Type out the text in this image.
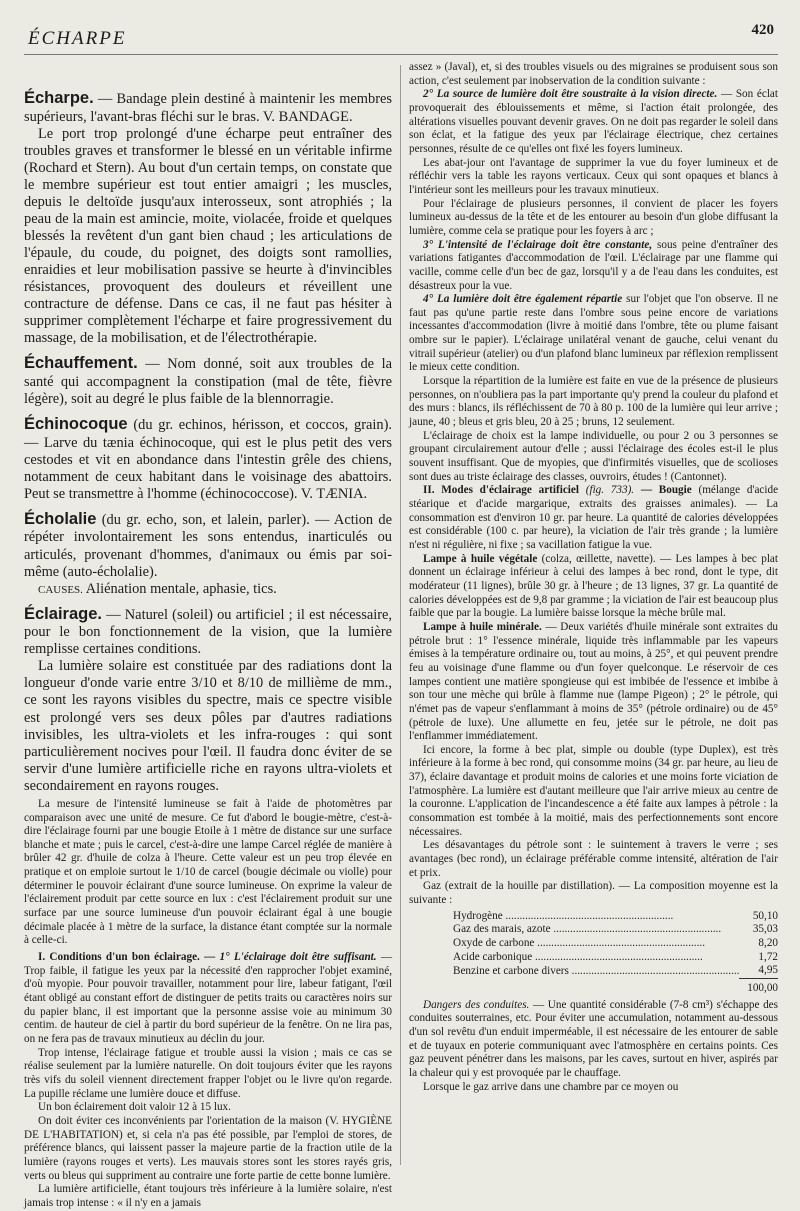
ÉCHARPE	420

Écharpe. — Bandage plein destiné à maintenir les membres supérieurs, l'avant-bras fléchi sur le bras. V. BANDAGE.

Le port trop prolongé d'une écharpe peut entraîner des troubles graves et transformer le blessé en un véritable infirme (Rochard et Stern). Au bout d'un certain temps, on constate que le membre supérieur est tout entier amaigri ; les muscles, depuis le deltoïde jusqu'aux interosseux, sont atrophiés ; la peau de la main est amincie, moite, violacée, froide et quelques blessés la revêtent d'un gant bien chaud ; les articulations de l'épaule, du coude, du poignet, des doigts sont ramollies, enraidies et leur mobilisation passive se heurte à d'invincibles résistances, provoquent des douleurs et réveillent une contracture de défense. Dans ce cas, il ne faut pas hésiter à supprimer complètement l'écharpe et faire progressivement du massage, de la mobilisation, et de l'électrothérapie.

Échauffement. — Nom donné, soit aux troubles de la santé qui accompagnent la constipation (mal de tête, fièvre légère), soit au degré le plus faible de la blennorragie.

Échinocoque (du gr. echinos, hérisson, et coccos, grain). — Larve du tænia échinocoque, qui est le plus petit des vers cestodes et vit en abondance dans l'intestin grêle des chiens, notamment de ceux habitant dans le voisinage des abattoirs. Peut se transmettre à l'homme (échinococcose). V. TÆNIA.

Écholalie (du gr. echo, son, et lalein, parler). — Action de répéter involontairement les sons entendus, inarticulés ou articulés, provenant d'hommes, d'animaux ou émis par soi-même (auto-écholalie).

CAUSES. Aliénation mentale, aphasie, tics.

Éclairage. — Naturel (soleil) ou artificiel ; il est nécessaire, pour le bon fonctionnement de la vision, que la lumière remplisse certaines conditions.

La lumière solaire est constituée par des radiations dont la longueur d'onde varie entre 3/10 et 8/10 de millième de mm., ce sont les rayons visibles du spectre, mais ce spectre visible est prolongé vers ses deux pôles par d'autres radiations invisibles, les ultra-violets et les infra-rouges : qui sont particulièrement nocives pour l'œil. Il faudra donc éviter de se servir d'une lumière artificielle riche en rayons ultra-violets et secondairement en rayons rouges.

La mesure de l'intensité lumineuse se fait à l'aide de photomètres par comparaison avec une unité de mesure. Ce fut d'abord le bougie-mètre, c'est-à-dire l'éclairage fourni par une bougie Etoile à 1 mètre de distance sur une surface blanche et mate ; puis le carcel, c'est-à-dire une lampe Carcel réglée de manière à brûler 42 gr. d'huile de colza à l'heure. Cette valeur est un peu trop élevée en pratique et on emploie surtout le 1/10 de carcel (bougie décimale ou violle) pour déterminer le pouvoir éclairant d'une source lumineuse. On exprime la valeur de l'éclairement produit par cette source en lux : c'est l'éclairement produit sur une surface par une source lumineuse d'un pouvoir éclairant égal à une bougie décimale placée à 1 mètre de la surface, la distance étant comptée sur la normale à celle-ci.

I. Conditions d'un bon éclairage. — 1° L'éclairage doit être suffisant. — Trop faible, il fatigue les yeux par la nécessité d'en rapprocher l'objet examiné, d'où myopie. Pour pouvoir travailler, notamment pour lire, labeur fatigant, l'œil étant obligé au constant effort de distinguer de petits traits ou caractères noirs sur du papier blanc, il est important que la personne assise voie au minimum 30 centim. de hauteur de ciel à partir du bord supérieur de la fenêtre. On ne lira pas, on ne fera pas de travaux minutieux au déclin du jour.

Trop intense, l'éclairage fatigue et trouble aussi la vision ; mais ce cas se réalise seulement par la lumière naturelle. On doit toujours éviter que les rayons très vifs du soleil viennent directement frapper l'objet ou le livre qu'on regarde. La pupille réclame une lumière douce et diffuse.

Un bon éclairement doit valoir 12 à 15 lux.

On doit éviter ces inconvénients par l'orientation de la maison (V. HYGIÈNE DE L'HABITATION) et, si cela n'a pas été possible, par l'emploi de stores, de préférence blancs, qui laissent passer la majeure partie de la fraction utile de la lumière (rayons rouges et verts). Les mauvais stores sont les stores rayés gris, verts ou bleus qui suppriment au contraire une forte partie de cette bonne lumière.

La lumière artificielle, étant toujours très inférieure à la lumière solaire, n'est jamais trop intense : « il n'y en a jamais

assez » (Javal), et, si des troubles visuels ou des migraines se produisent sous son action, c'est seulement par inobservation de la condition suivante :

2° La source de lumière doit être soustraite à la vision directe. — Son éclat provoquerait des éblouissements et même, si l'action était prolongée, des altérations visuelles pouvant devenir graves. On ne doit pas regarder le soleil dans son éclat, et la fatigue des yeux par l'éclairage électrique, chez certaines personnes, résulte de ce qu'elles ont fixé les foyers lumineux.

Les abat-jour ont l'avantage de supprimer la vue du foyer lumineux et de réfléchir vers la table les rayons verticaux. Ceux qui sont opaques et blancs à l'intérieur sont les meilleurs pour les travaux minutieux.

Pour l'éclairage de plusieurs personnes, il convient de placer les foyers lumineux au-dessus de la tête et de les entourer au besoin d'un globe diffusant la lumière, comme cela se pratique pour les foyers à arc ;

3° L'intensité de l'éclairage doit être constante, sous peine d'entraîner des variations fatigantes d'accommodation de l'œil. L'éclairage par une flamme qui vacille, comme celle d'un bec de gaz, lorsqu'il y a de l'eau dans les conduites, est désastreux pour la vue.

4° La lumière doit être également répartie sur l'objet que l'on observe. Il ne faut pas qu'une partie reste dans l'ombre sous peine encore de variations incessantes d'accommodation (livre à moitié dans l'ombre, tête ou plume faisant ombre sur le papier). L'éclairage unilatéral venant de gauche, celui venant du vitrail supérieur (atelier) ou d'un plafond blanc lumineux par réflexion remplissent le mieux cette condition.

Lorsque la répartition de la lumière est faite en vue de la présence de plusieurs personnes, on n'oubliera pas la part importante qu'y prend la couleur du plafond et des murs : blancs, ils réfléchissent de 70 à 80 p. 100 de la lumière qui leur arrive ; jaune, 40 ; bleus et gris bleu, 20 à 25 ; bruns, 12 seulement.

L'éclairage de choix est la lampe individuelle, ou pour 2 ou 3 personnes se groupant circulairement autour d'elle ; aussi l'éclairage des écoles est-il le plus souvent insuffisant. Que de myopies, que d'infirmités visuelles, que de scolioses sont dues au triste éclairage des classes, ouvroirs, études ! (Cantonnet).

II. Modes d'éclairage artificiel (fig. 733). — Bougie (mélange d'acide stéarique et d'acide margarique, extraits des graisses animales). — La consommation est d'environ 10 gr. par heure. La quantité de calories développées est considérable (100 c. par heure), la viciation de l'air très grande ; la lumière n'est ni régulière, ni fixe ; sa vacillation fatigue la vue.

Lampe à huile végétale (colza, œillette, navette). — Les lampes à bec plat donnent un éclairage inférieur à celui des lampes à bec rond, dont le type, dit modérateur (11 lignes), brûle 30 gr. à l'heure ; de 13 lignes, 37 gr. La quantité de calories développées est de 9,8 par gramme ; la viciation de l'air est beaucoup plus faible que par la bougie. La lumière baisse lorsque la mèche brûle mal.

Lampe à huile minérale. — Deux variétés d'huile minérale sont extraites du pétrole brut : 1° l'essence minérale, liquide très inflammable par les vapeurs émises à la température ordinaire ou, tout au moins, à 25°, et qui peuvent prendre feu au voisinage d'une flamme ou d'un foyer quelconque. Le réservoir de ces lampes contient une matière spongieuse qui est imbibée de l'essence et imbibe à son tour une mèche qui brûle à flamme nue (lampe Pigeon) ; 2° le pétrole, qui n'émet pas de vapeur s'enflammant à moins de 35° (pétrole ordinaire) ou de 45° (pétrole de luxe). Une allumette en feu, jetée sur le pétrole, ne doit pas l'enflammer immédiatement.

Ici encore, la forme à bec plat, simple ou double (type Duplex), est très inférieure à la forme à bec rond, qui consomme moins (34 gr. par heure, au lieu de 37), éclaire davantage et produit moins de calories et une moins forte viciation de l'atmosphère. La lumière est d'autant meilleure que l'air arrive mieux au centre de la couronne. L'application de l'incandescence a été faite aux lampes à pétrole : la consommation est tombée à la moitié, mais des perfectionnements sont encore nécessaires.

Les désavantages du pétrole sont : le suintement à travers le verre ; ses avantages (bec rond), un éclairage préférable comme intensité, altération de l'air et prix.

Gaz (extrait de la houille par distillation). — La composition moyenne est la suivante :

Hydrogène ............................................................	50,10
Gaz des marais, azote ............................................................	35,03
Oxyde de carbone ............................................................	8,20
Acide carbonique ............................................................	1,72
Benzine et carbone divers ............................................................	4,95
	100,00

Dangers des conduites. — Une quantité considérable (7-8 cm³) s'échappe des conduites souterraines, etc. Pour éviter une accumulation, notamment au-dessous d'un sol revêtu d'un enduit imperméable, il est nécessaire de les entourer de sable et de tuyaux en poterie communiquant avec l'atmosphère en certains points. Ces gaz peuvent pénétrer dans les maisons, par les caves, surtout en hiver, aspirés par la chaleur qui y est provoquée par le chauffage.

Lorsque le gaz arrive dans une chambre par ce moyen ou
